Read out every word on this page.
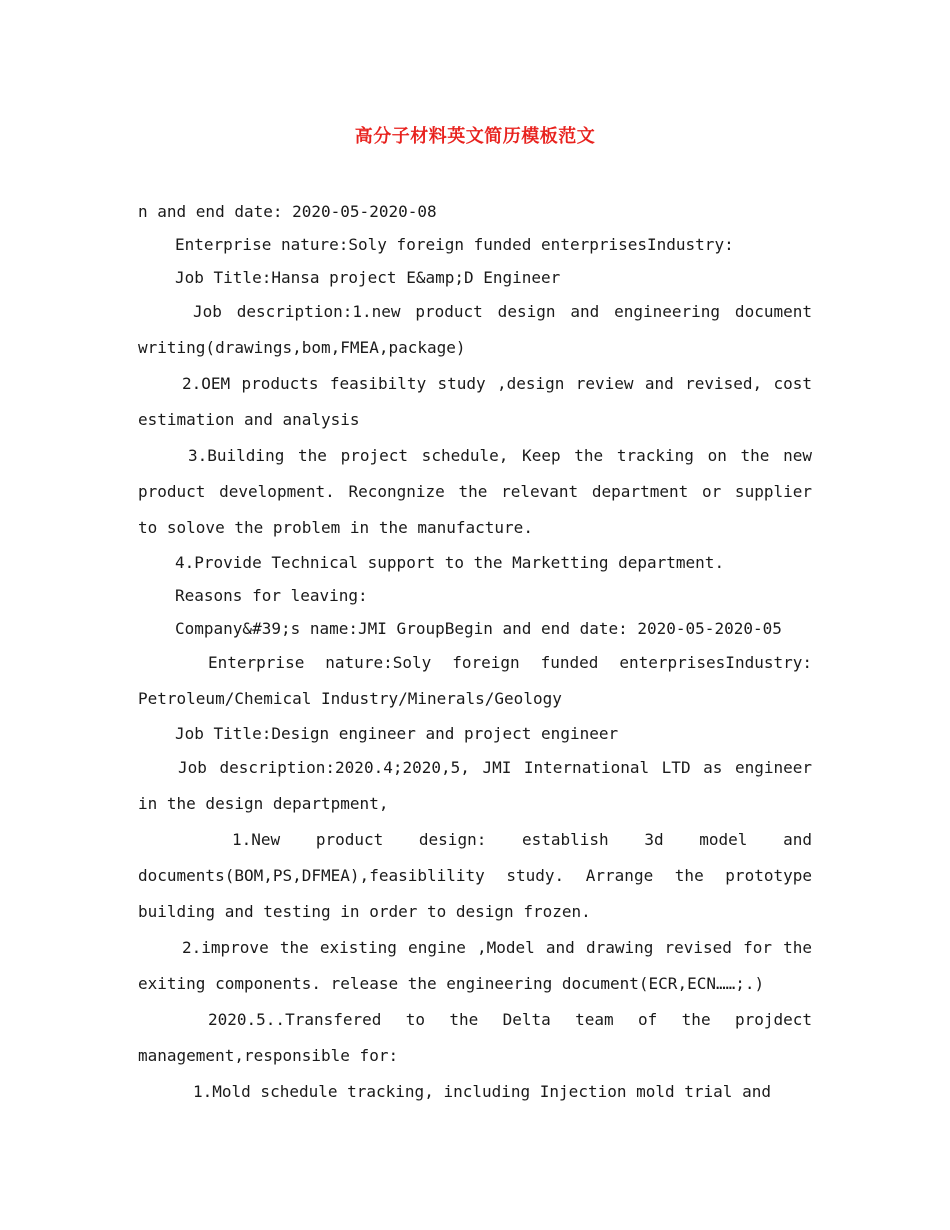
高分子材料英文简历模板范文

n and end date: 2020-05-2020-08

Enterprise nature:Soly foreign funded enterprisesIndustry:

Job Title:Hansa project E&amp;D Engineer

Job description:1.new product design and engineering document writing(drawings,bom,FMEA,package)

2.OEM products feasibilty study ,design review and revised, cost estimation and analysis

3.Building the project schedule, Keep the tracking on the new product development. Recongnize the relevant department or supplier to solove the problem in the manufacture.

4.Provide Technical support to the Marketting department.

Reasons for leaving:

Company&#39;s name:JMI GroupBegin and end date: 2020-05-2020-05

Enterprise nature:Soly foreign funded enterprisesIndustry: Petroleum/Chemical Industry/Minerals/Geology

Job Title:Design engineer and project engineer

Job description:2020.4;2020,5, JMI International LTD as engineer in the design departpment,

1.New product design: establish 3d model and documents(BOM,PS,DFMEA),feasiblility study. Arrange the prototype building and testing in order to design frozen.

2.improve the existing engine ,Model and drawing revised for the exiting components. release the engineering document(ECR,ECN……;.)

2020.5..Transfered to the Delta team of the projdect management,responsible for:

1.Mold schedule tracking, including Injection mold trial and
